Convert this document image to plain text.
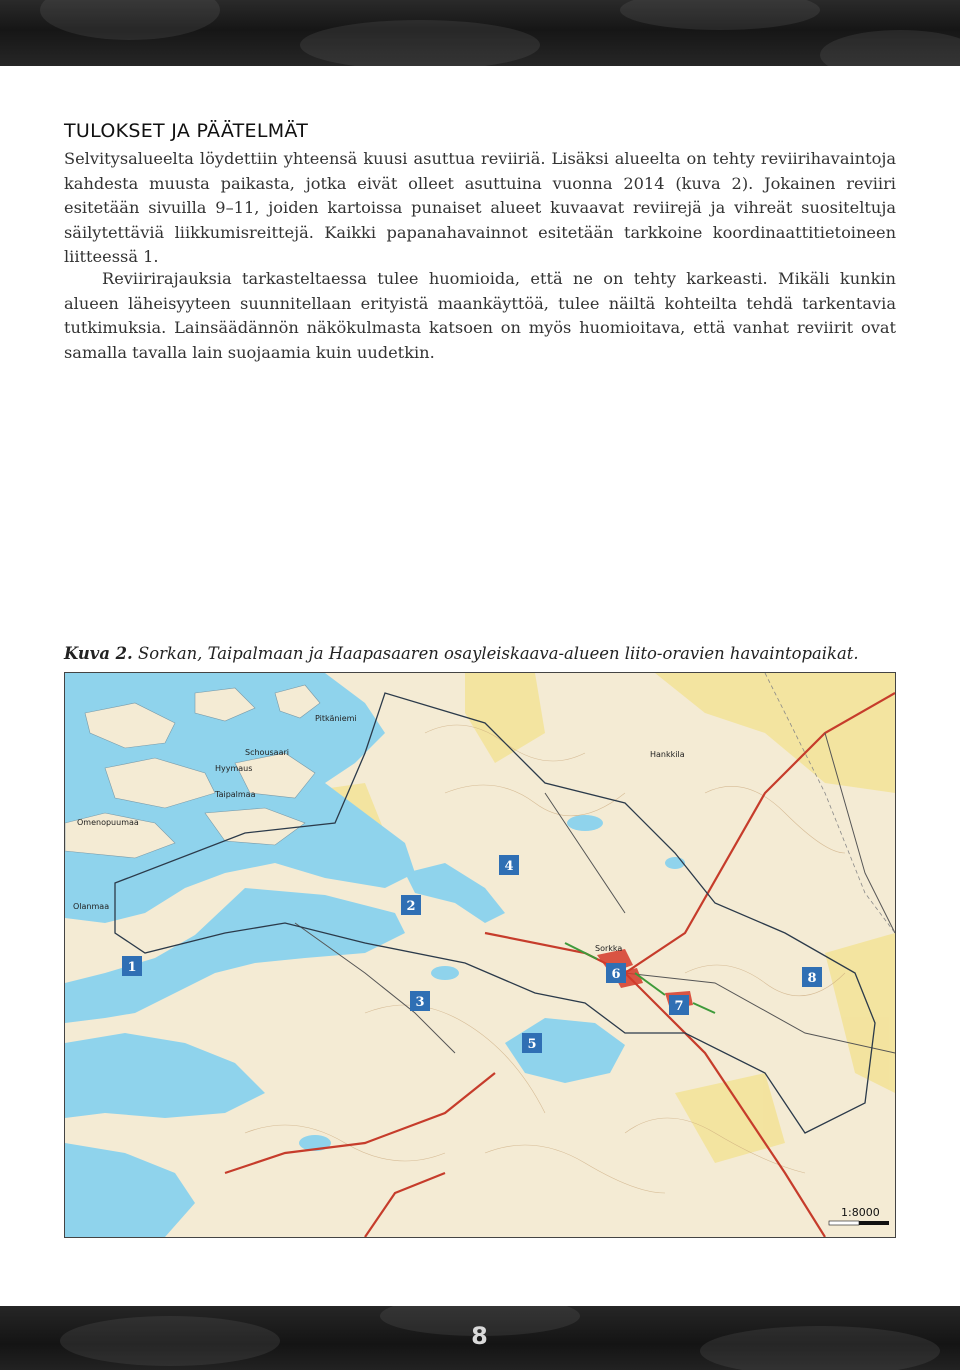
TULOKSET JA PÄÄTELMÄT

Selvitysalueelta löydettiin yhteensä kuusi asuttua reviiriä. Lisäksi alueelta on tehty reviirihavaintoja kahdesta muusta paikasta, jotka eivät olleet asuttuina vuonna 2014 (kuva 2). Jokainen reviiri esitetään sivuilla 9–11, joiden kartoissa punaiset alueet kuvaavat reviirejä ja vihreät suositeltuja säilytettäviä liikkumisreittejä. Kaikki papanahavainnot esitetään tarkkoine koordinaattitietoineen liitteessä 1.

Reviirirajauksia tarkasteltaessa tulee huomioida, että ne on tehty karkeasti. Mikäli kunkin alueen läheisyyteen suunnitellaan erityistä maankäyttöä, tulee näiltä kohteilta tehdä tarkentavia tutkimuksia. Lainsäädännön näkökulmasta katsoen on myös huomioitava, että vanhat reviirit ovat samalla tavalla lain suojaamia kuin uudetkin.

Kuva 2. Sorkan, Taipalmaan ja Haapasaaren osayleiskaava-alueen liito-oravien havaintopaikat.
Hankkila
Sorkka
Olanmaa
Omenopuumaa
Taipalmaa
Hyymaus
Pitkäniemi
Schousaari
1
2
3
4
5
6
7
8
1:8000
8
